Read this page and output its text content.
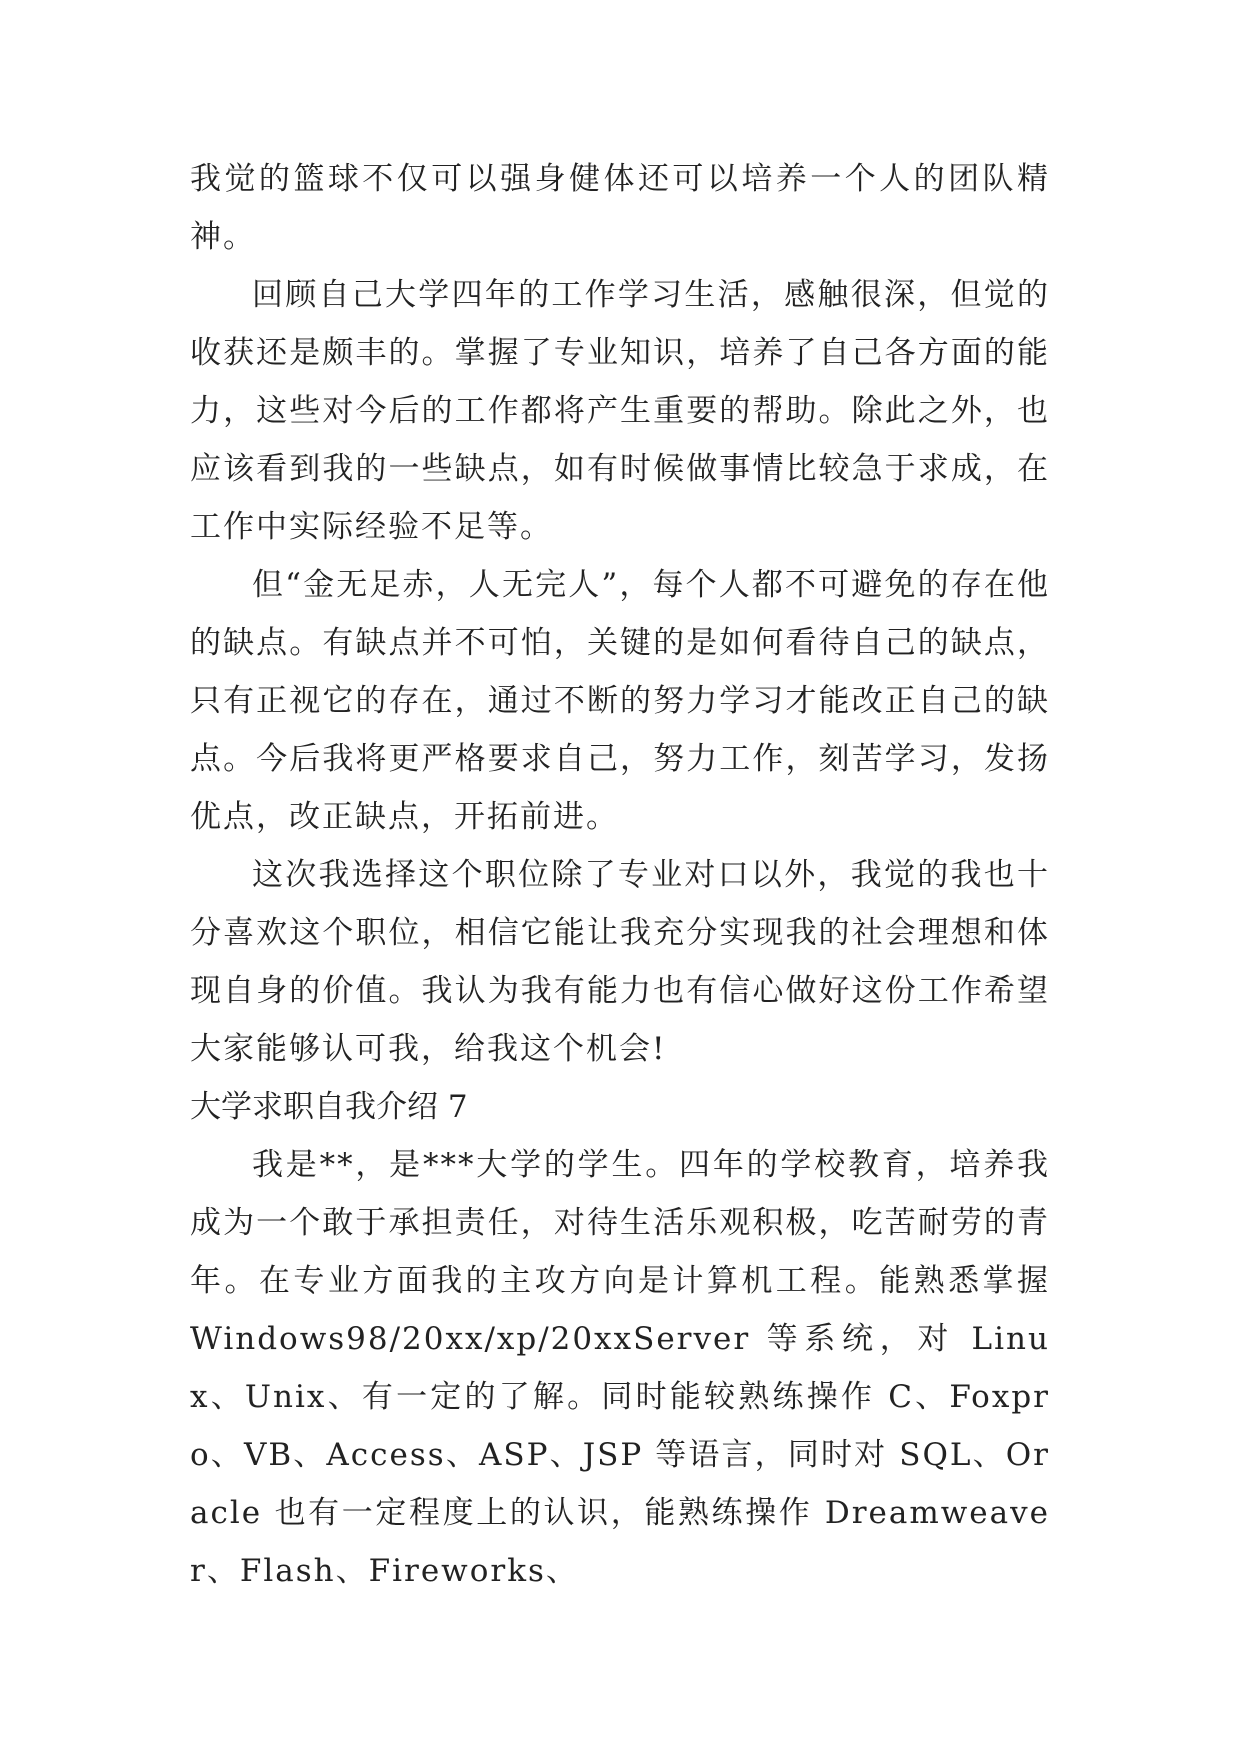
我觉的篮球不仅可以强身健体还可以培养一个人的团队精神。

回顾自己大学四年的工作学习生活，感触很深，但觉的收获还是颇丰的。掌握了专业知识，培养了自己各方面的能力，这些对今后的工作都将产生重要的帮助。除此之外，也应该看到我的一些缺点，如有时候做事情比较急于求成，在工作中实际经验不足等。

但“金无足赤，人无完人”，每个人都不可避免的存在他的缺点。有缺点并不可怕，关键的是如何看待自己的缺点，只有正视它的存在，通过不断的努力学习才能改正自己的缺点。今后我将更严格要求自己，努力工作，刻苦学习，发扬优点，改正缺点，开拓前进。

这次我选择这个职位除了专业对口以外，我觉的我也十分喜欢这个职位，相信它能让我充分实现我的社会理想和体现自身的价值。我认为我有能力也有信心做好这份工作希望大家能够认可我，给我这个机会!

大学求职自我介绍 7

我是**，是***大学的学生。四年的学校教育，培养我成为一个敢于承担责任，对待生活乐观积极，吃苦耐劳的青年。在专业方面我的主攻方向是计算机工程。能熟悉掌握 Windows98/20xx/xp/20xxServer 等系统，对 Linux、Unix、有一定的了解。同时能较熟练操作 C、Foxpro、VB、Access、ASP、JSP 等语言，同时对 SQL、Oracle 也有一定程度上的认识，能熟练操作 Dreamweaver、Flash、Fireworks、
